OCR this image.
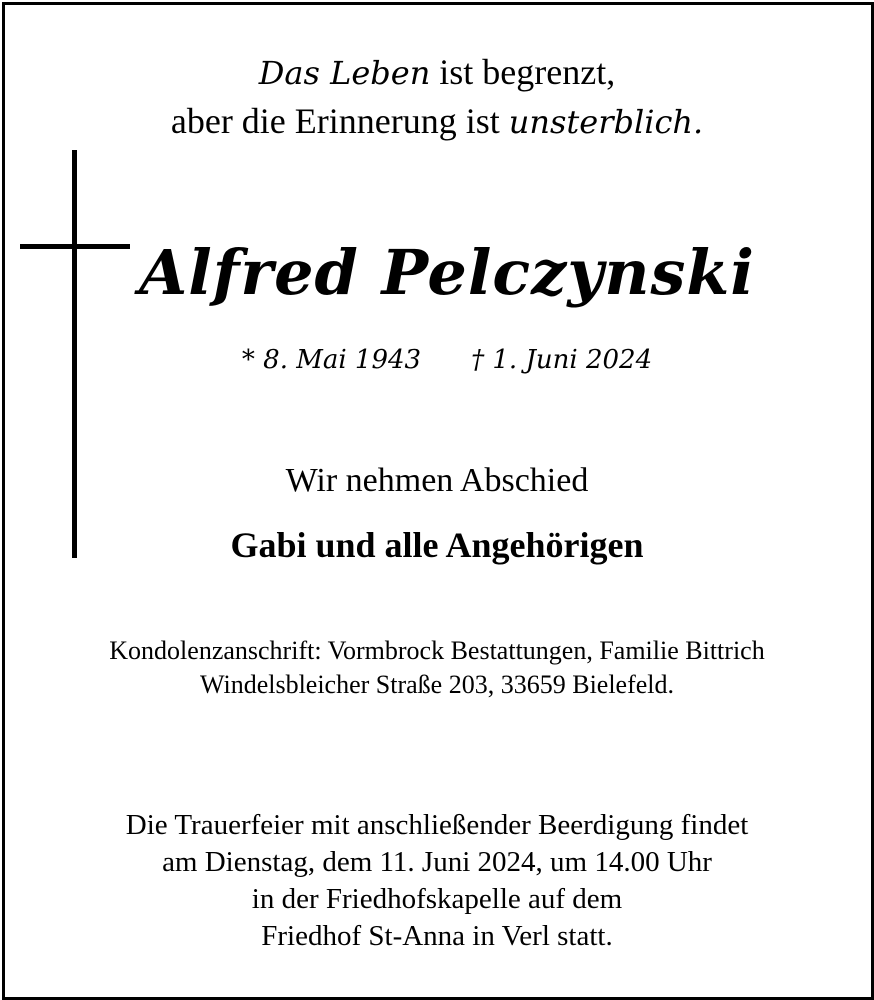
Das Leben ist begrenzt,
aber die Erinnerung ist unsterblich.
Alfred Pelczynski
* 8. Mai 1943 † 1. Juni 2024
Wir nehmen Abschied
Gabi und alle Angehörigen
Kondolenzanschrift: Vormbrock Bestattungen, Familie Bittrich
Windelsbleicher Straße 203, 33659 Bielefeld.
Die Trauerfeier mit anschließender Beerdigung findet
am Dienstag, dem 11. Juni 2024, um 14.00 Uhr
in der Friedhofskapelle auf dem
Friedhof St-Anna in Verl statt.
